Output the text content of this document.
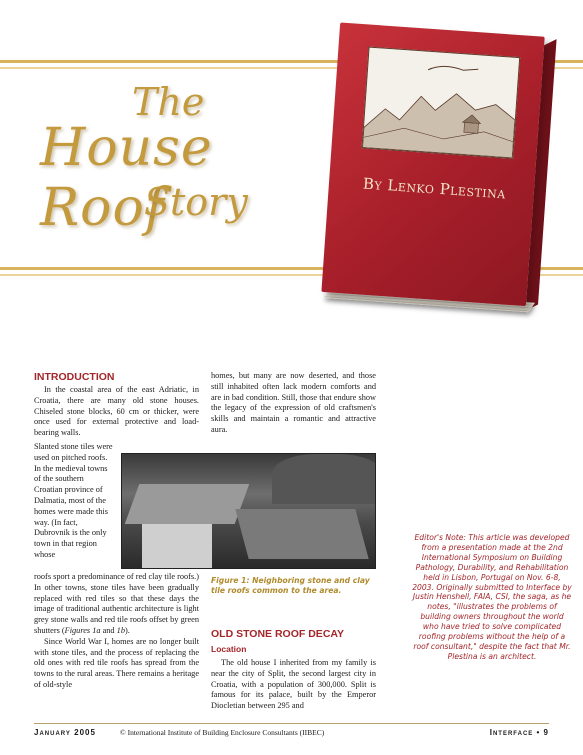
The
House Roof
Story	By Lenko Plestina
INTRODUCTION

In the coastal area of the east Adriatic, in Croatia, there are many old stone houses. Chiseled stone blocks, 60 cm or thicker, were once used for external protective and load-bearing walls.

Slanted stone tiles were used on pitched roofs. In the medieval towns of the southern Croatian province of Dalmatia, most of the homes were made this way. (In fact, Dubrovnik is the only town in that region whose

roofs sport a predominance of red clay tile roofs.) In other towns, stone tiles have been gradually replaced with red tiles so that these days the image of traditional authentic architecture is light grey stone walls and red tile roofs offset by green shutters (Figures 1a and 1b).

Since World War I, homes are no longer built with stone tiles, and the process of replacing the old ones with red tile roofs has spread from the towns to the rural areas. There remains a heritage of old-style

homes, but many are now deserted, and those still inhabited often lack modern comforts and are in bad condition. Still, those that endure show the legacy of the expression of old craftsmen's skills and maintain a romantic and attractive aura.

Figure 1: Neighboring stone and clay tile roofs common to the area.
OLD STONE ROOF DECAY
Location

The old house I inherited from my family is near the city of Split, the second largest city in Croatia, with a population of 300,000. Split is famous for its palace, built by the Emperor Diocletian between 295 and

Editor's Note: This article was developed from a presentation made at the 2nd International Symposium on Building Pathology, Durability, and Rehabilitation held in Lisbon, Portugal on Nov. 6-8, 2003. Originally submitted to Interface by Justin Henshell, FAIA, CSI, the saga, as he notes, "illustrates the problems of building owners throughout the world who have tried to solve complicated roofing problems without the help of a roof consultant," despite the fact that Mr. Plestina is an architect.
January 2005	© International Institute of Building Enclosure Consultants (IIBEC)	Interface • 9
